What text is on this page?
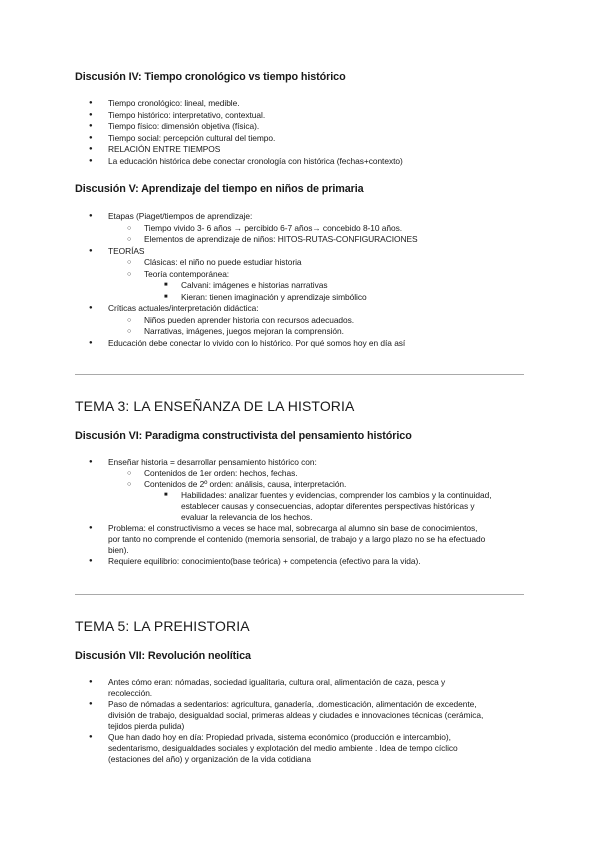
Discusión IV: Tiempo cronológico vs tiempo histórico
● Tiempo cronológico: lineal, medible.
● Tiempo histórico: interpretativo, contextual.
● Tiempo físico: dimensión objetiva (física).
● Tiempo social: percepción cultural del tiempo.
● RELACIÓN ENTRE TIEMPOS
● La educación histórica debe conectar cronología con histórica (fechas+contexto)
Discusión V: Aprendizaje del tiempo en niños de primaria
● Etapas (Piaget/tiempos de aprendizaje:
○ Tiempo vivido 3- 6 años → percibido 6-7 años→ concebido 8-10 años.
○ Elementos de aprendizaje de niños: HITOS-RUTAS-CONFIGURACIONES
● TEORÍAS
○ Clásicas: el niño no puede estudiar historia
○ Teoría contemporánea:
■ Calvani: imágenes e historias narrativas
■ Kieran: tienen imaginación y aprendizaje simbólico
● Críticas actuales/interpretación didáctica:
○ Niños pueden aprender historia con recursos adecuados.
○ Narrativas, imágenes, juegos mejoran la comprensión.
● Educación debe conectar lo vivido con lo histórico. Por qué somos hoy en día así
TEMA 3: LA ENSEÑANZA DE LA HISTORIA
Discusión VI: Paradigma constructivista del pensamiento histórico
● Enseñar historia = desarrollar pensamiento histórico con:
○ Contenidos de 1er orden: hechos, fechas.
○ Contenidos de 2º orden: análisis, causa, interpretación.
■ Habilidades: analizar fuentes y evidencias, comprender los cambios y la continuidad,
establecer causas y consecuencias, adoptar diferentes perspectivas históricas y
evaluar la relevancia de los hechos.
● Problema: el constructivismo a veces se hace mal, sobrecarga al alumno sin base de conocimientos,
por tanto no comprende el contenido (memoria sensorial, de trabajo y a largo plazo no se ha efectuado
bien).
● Requiere equilibrio: conocimiento(base teórica) + competencia (efectivo para la vida).
TEMA 5: LA PREHISTORIA
Discusión VII: Revolución neolítica
● Antes cómo eran: nómadas, sociedad igualitaria, cultura oral, alimentación de caza, pesca y
recolección.
● Paso de nómadas a sedentarios: agricultura, ganadería, .domesticación, alimentación de excedente,
división de trabajo, desigualdad social, primeras aldeas y ciudades e innovaciones técnicas (cerámica,
tejidos pierda pulida)
● Que han dado hoy en día: Propiedad privada, sistema económico (producción e intercambio),
sedentarismo, desigualdades sociales y explotación del medio ambiente . Idea de tempo cíclico
(estaciones del año) y organización de la vida cotidiana
